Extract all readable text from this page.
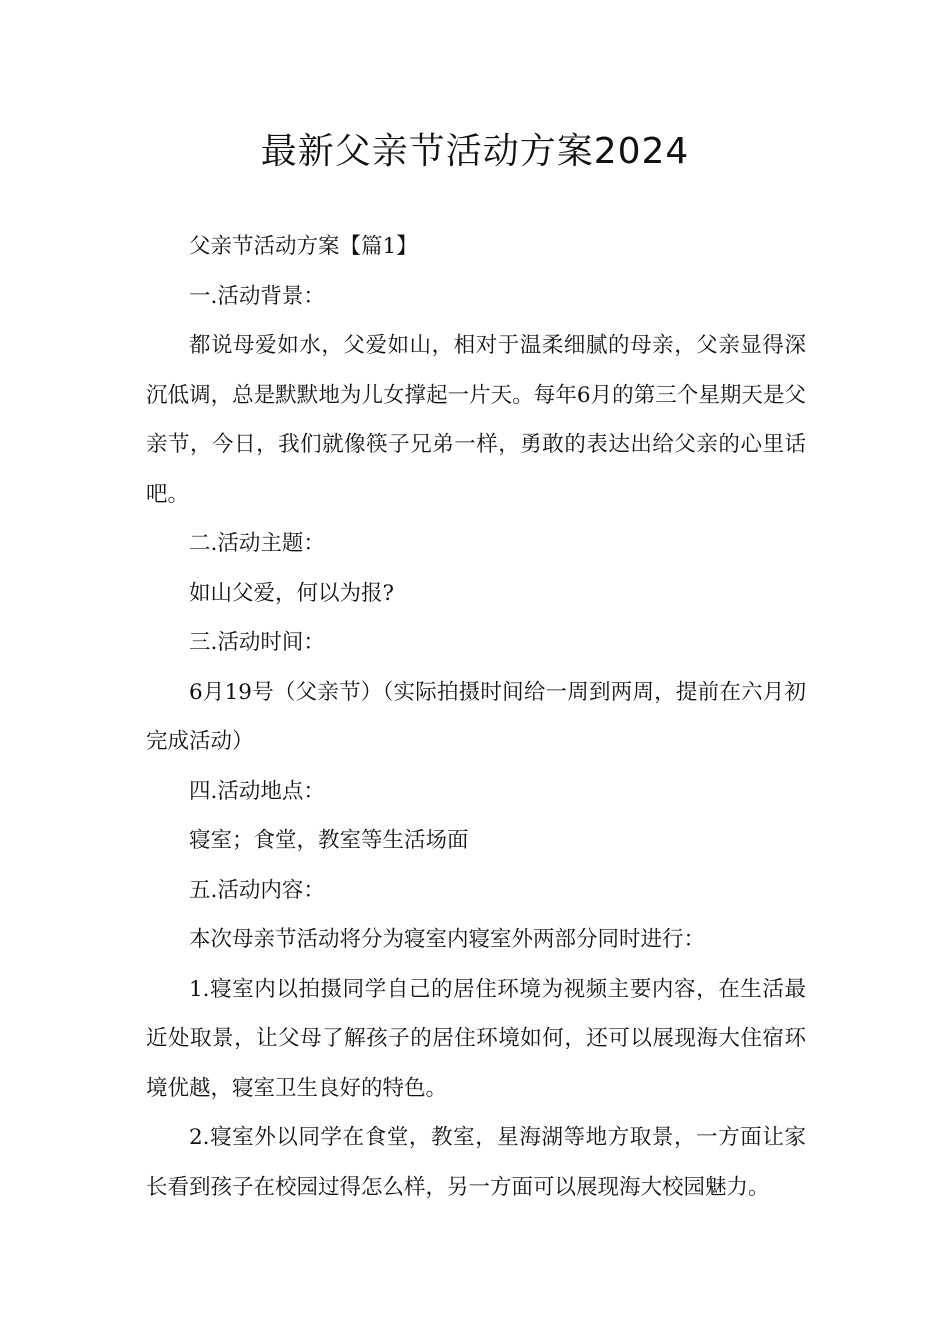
最新父亲节活动方案2024

父亲节活动方案【篇1】

一.活动背景：

都说母爱如水，父爱如山，相对于温柔细腻的母亲，父亲显得深沉低调，总是默默地为儿女撑起一片天。每年6月的第三个星期天是父亲节，今日，我们就像筷子兄弟一样，勇敢的表达出给父亲的心里话吧。

二.活动主题：

如山父爱，何以为报?

三.活动时间：

6月19号（父亲节）（实际拍摄时间给一周到两周，提前在六月初完成活动）

四.活动地点：

寝室；食堂，教室等生活场面

五.活动内容：

本次母亲节活动将分为寝室内寝室外两部分同时进行：

1.寝室内以拍摄同学自己的居住环境为视频主要内容，在生活最近处取景，让父母了解孩子的居住环境如何，还可以展现海大住宿环境优越，寝室卫生良好的特色。

2.寝室外以同学在食堂，教室，星海湖等地方取景，一方面让家长看到孩子在校园过得怎么样，另一方面可以展现海大校园魅力。
